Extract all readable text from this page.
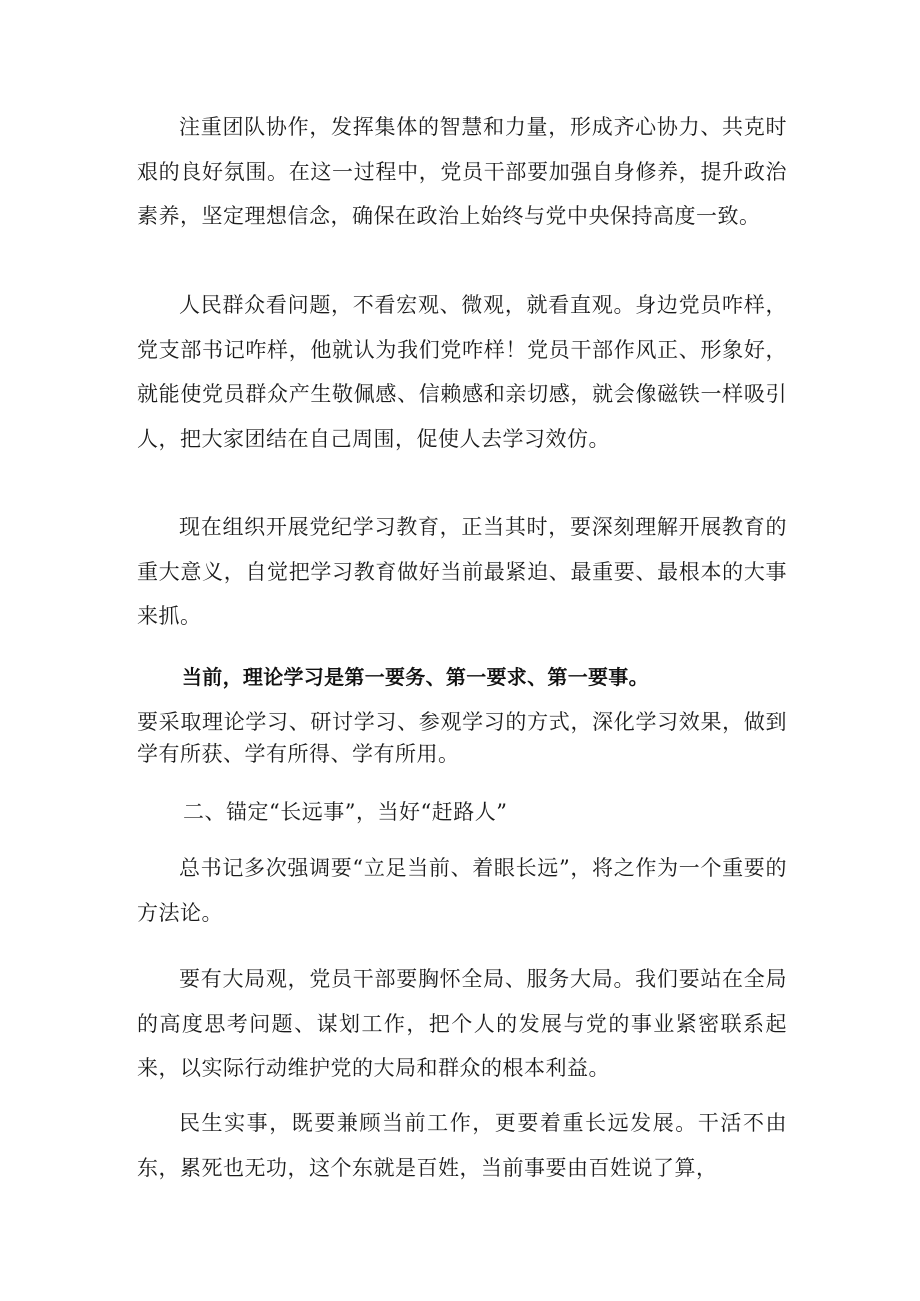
注重团队协作，发挥集体的智慧和力量，形成齐心协力、共克时艰的良好氛围。在这一过程中，党员干部要加强自身修养，提升政治素养，坚定理想信念，确保在政治上始终与党中央保持高度一致。

人民群众看问题，不看宏观、微观，就看直观。身边党员咋样，党支部书记咋样，他就认为我们党咋样！党员干部作风正、形象好，就能使党员群众产生敬佩感、信赖感和亲切感，就会像磁铁一样吸引人，把大家团结在自己周围，促使人去学习效仿。

现在组织开展党纪学习教育，正当其时，要深刻理解开展教育的重大意义，自觉把学习教育做好当前最紧迫、最重要、最根本的大事来抓。

当前，理论学习是第一要务、第一要求、第一要事。

要采取理论学习、研讨学习、参观学习的方式，深化学习效果，做到学有所获、学有所得、学有所用。

二、锚定“长远事”，当好“赶路人”

总书记多次强调要“立足当前、着眼长远”，将之作为一个重要的方法论。

要有大局观，党员干部要胸怀全局、服务大局。我们要站在全局的高度思考问题、谋划工作，把个人的发展与党的事业紧密联系起来，以实际行动维护党的大局和群众的根本利益。

民生实事，既要兼顾当前工作，更要着重长远发展。干活不由东，累死也无功，这个东就是百姓，当前事要由百姓说了算，
